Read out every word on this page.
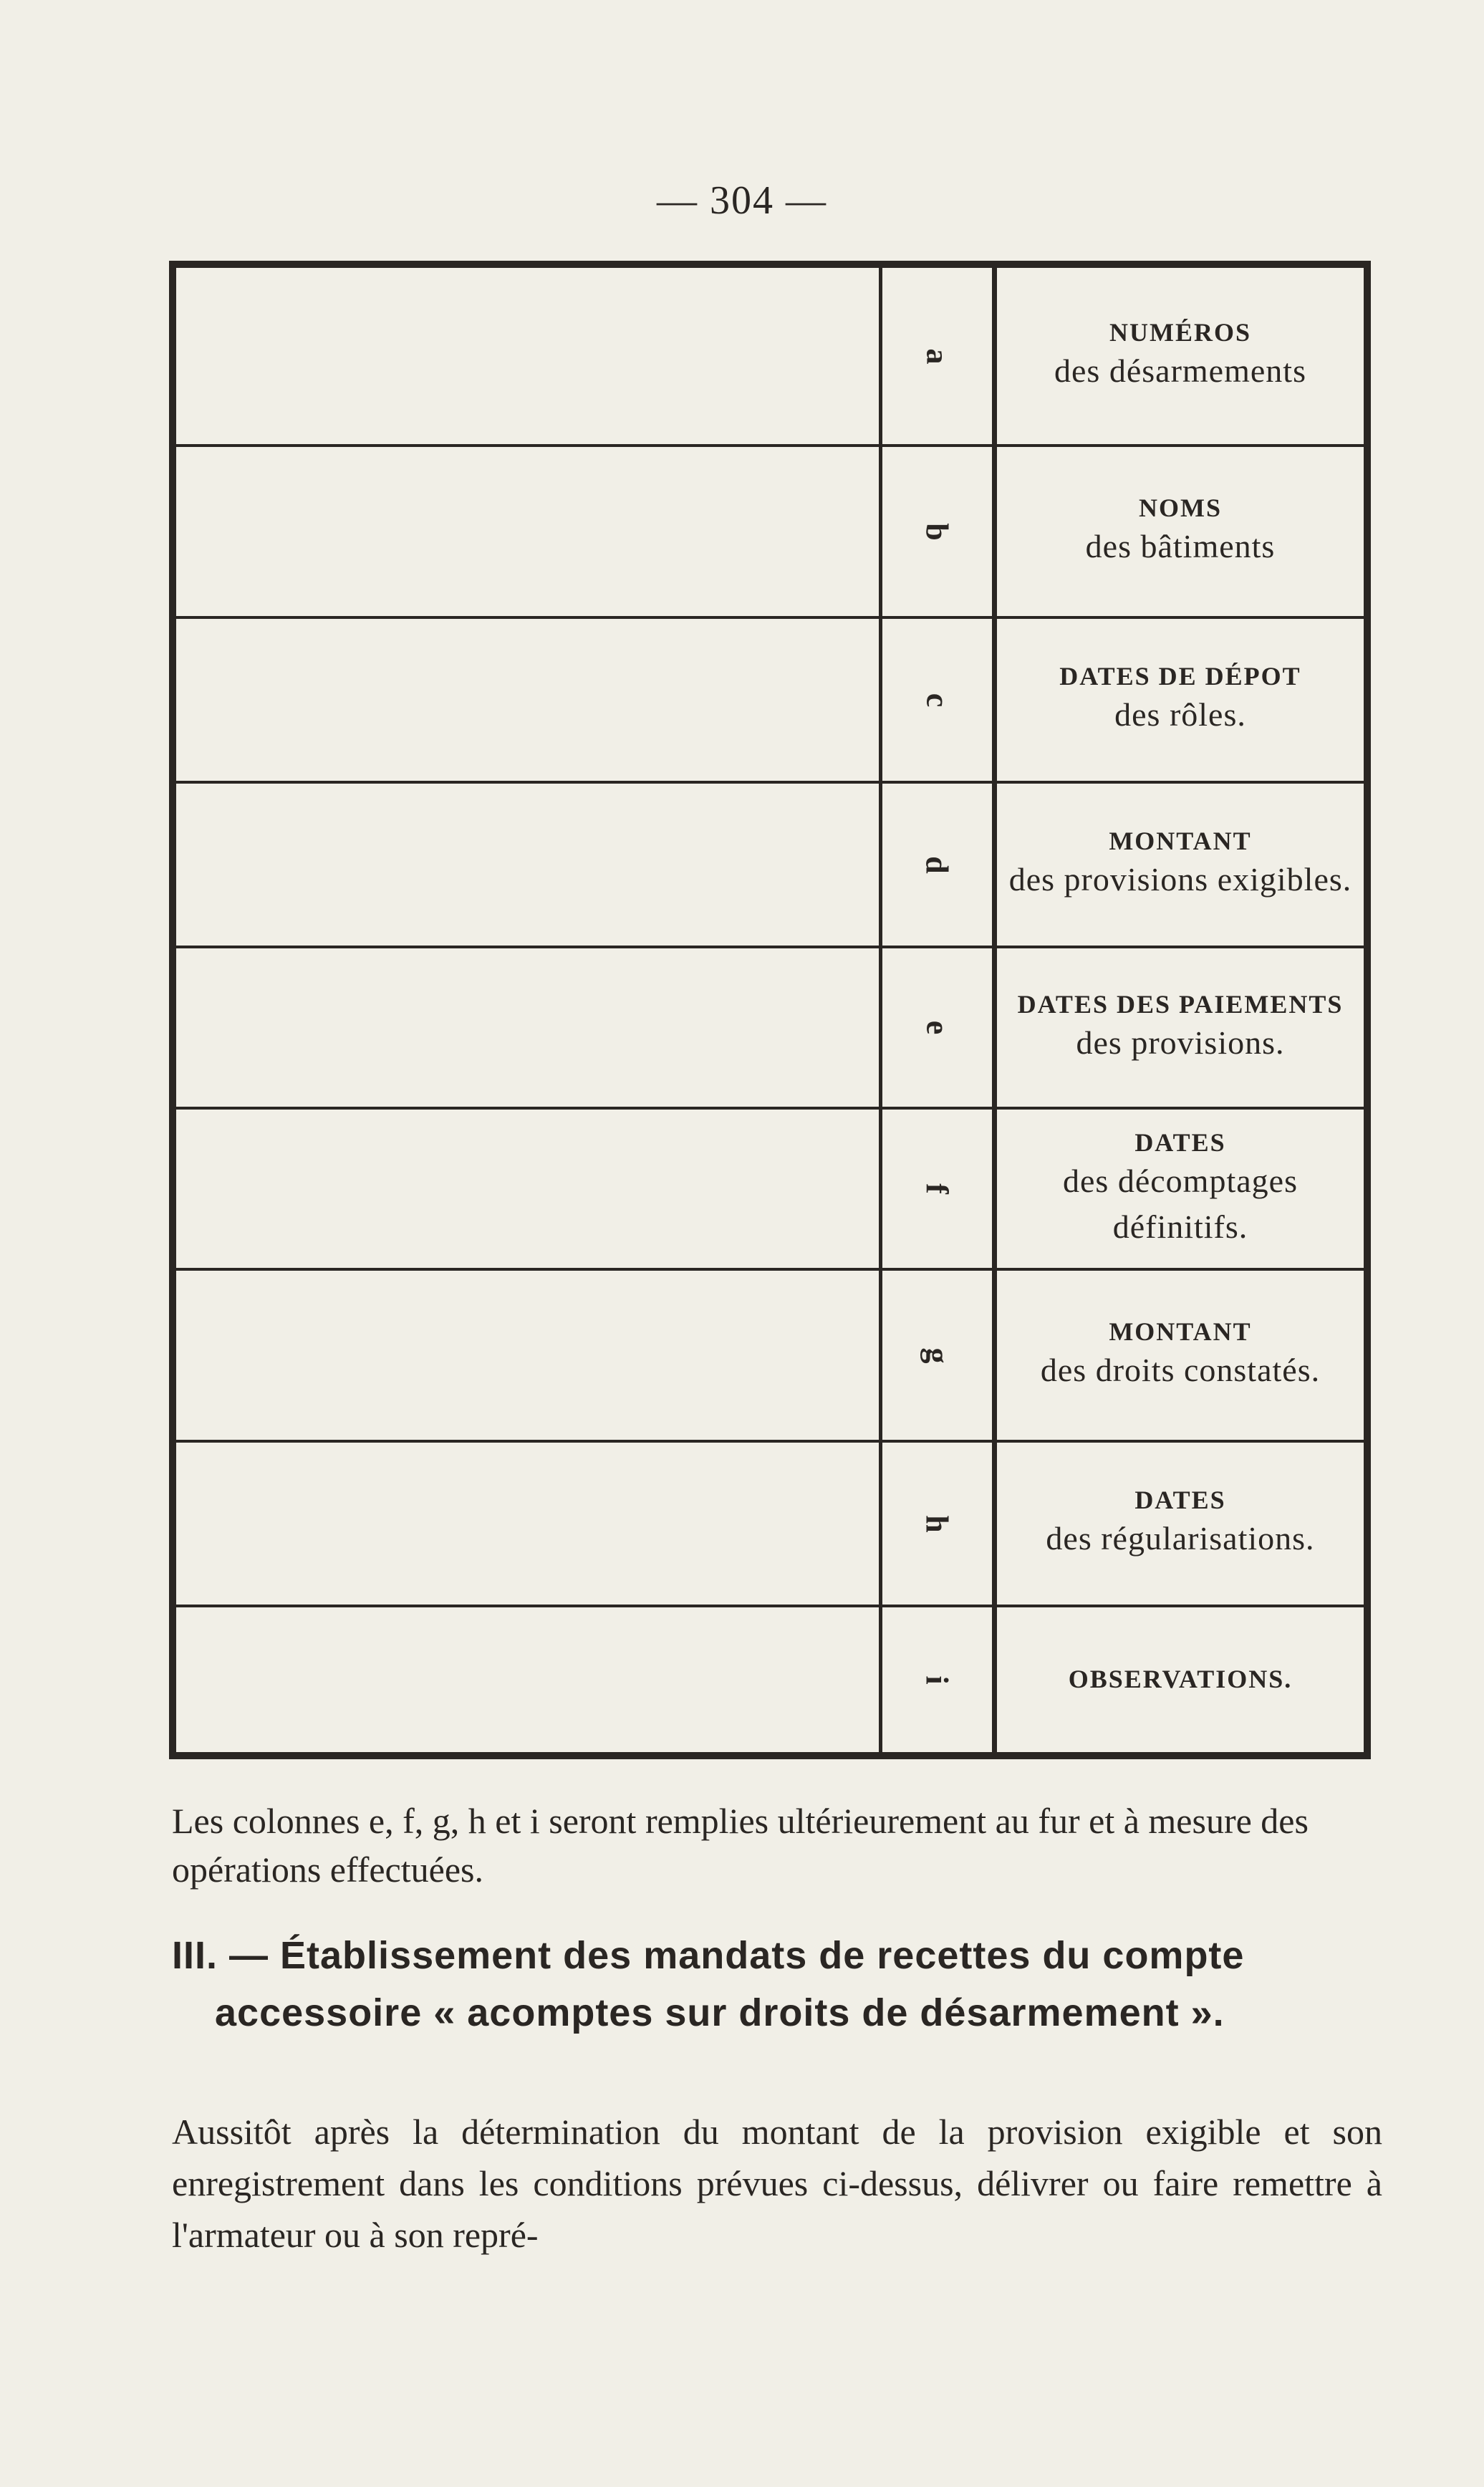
— 304 —
a
NUMÉROS
des désarmements
b
NOMS
des bâtiments
c
DATES DE DÉPOT
des rôles.
d
MONTANT
des provisions exigibles.
e
DATES DES PAIEMENTS
des provisions.
f
DATES
des décomptages définitifs.
g
MONTANT
des droits constatés.
h
DATES
des régularisations.
i	OBSERVATIONS.

Les colonnes e, f, g, h et i seront remplies ultérieurement au fur et à mesure des opérations effectuées.

III. — Établissement des mandats de recettes du compte accessoire « acomptes sur droits de désarmement ».

Aussitôt après la détermination du montant de la provision exigible et son enregistrement dans les conditions prévues ci-dessus, délivrer ou faire remettre à l'armateur ou à son repré-
